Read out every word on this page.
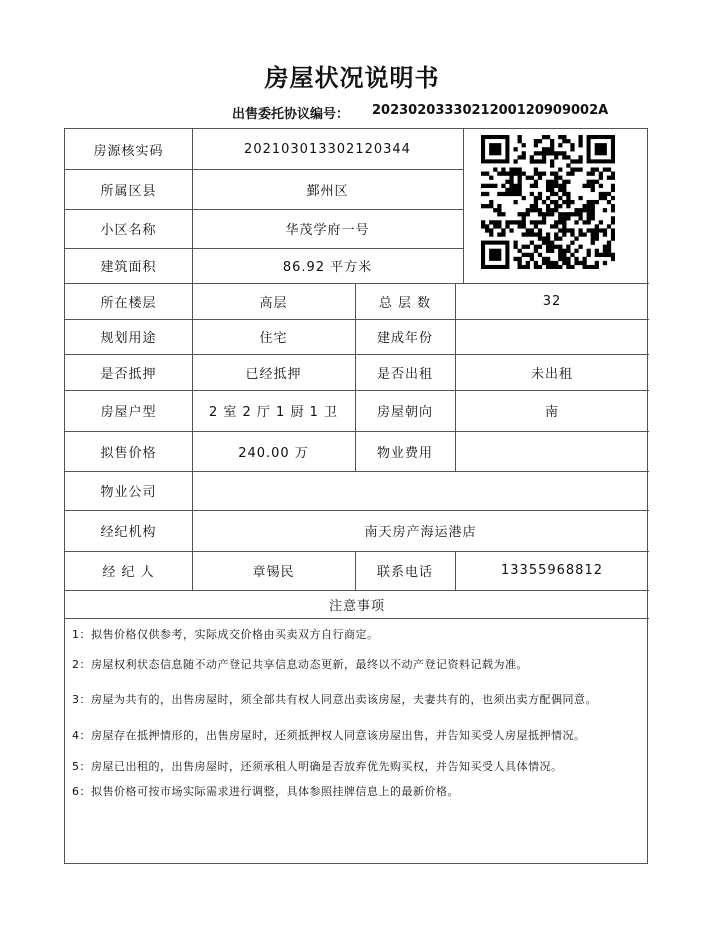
房屋状况说明书
出售委托协议编号： 2023020333021200120909002A
房源核实码	202103013302120344
所属区县	鄞州区
小区名称	华茂学府一号
建筑面积	86.92 平方米
所在楼层	高层	总 层 数	32
规划用途	住宅	建成年份
是否抵押	已经抵押	是否出租	未出租
房屋户型	2 室 2 厅 1 厨 1 卫	房屋朝向	南
拟售价格	240.00 万	物业费用
物业公司
经纪机构	南天房产海运港店
经 纪 人	章锡民	联系电话	13355968812
注意事项

1：拟售价格仅供参考，实际成交价格由买卖双方自行商定。

2：房屋权利状态信息随不动产登记共享信息动态更新，最终以不动产登记资料记载为准。

3：房屋为共有的，出售房屋时，须全部共有权人同意出卖该房屋，夫妻共有的，也须出卖方配偶同意。

4：房屋存在抵押情形的，出售房屋时，还须抵押权人同意该房屋出售，并告知买受人房屋抵押情况。

5：房屋已出租的，出售房屋时，还须承租人明确是否放弃优先购买权，并告知买受人具体情况。

6：拟售价格可按市场实际需求进行调整，具体参照挂牌信息上的最新价格。
